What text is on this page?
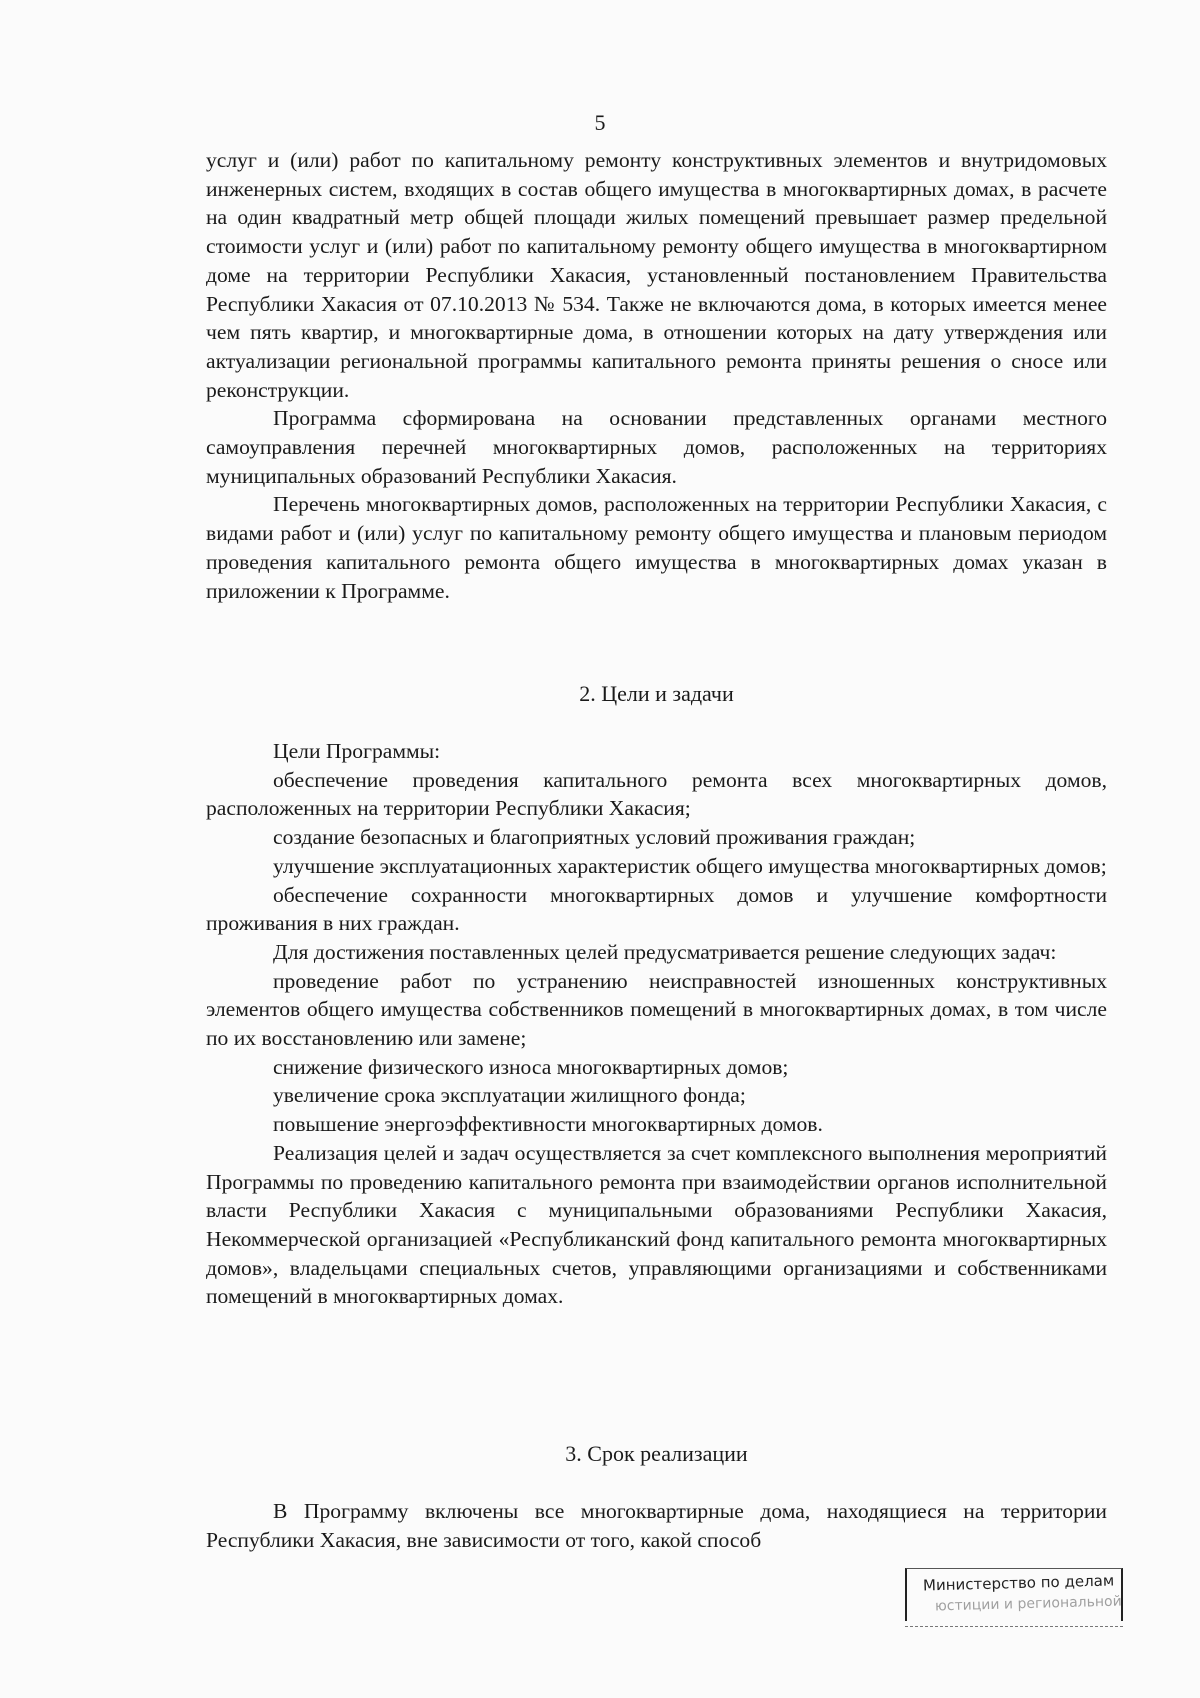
5

услуг и (или) работ по капитальному ремонту конструктивных элементов и внутридомовых инженерных систем, входящих в состав общего имущества в многоквартирных домах, в расчете на один квадратный метр общей площади жилых помещений превышает размер предельной стоимости услуг и (или) работ по капитальному ремонту общего имущества в многоквартирном доме на территории Республики Хакасия, установленный постановлением Правительства Республики Хакасия от 07.10.2013 № 534. Также не включаются дома, в которых имеется менее чем пять квартир, и многоквартирные дома, в отношении которых на дату утверждения или актуализации региональной программы капитального ремонта приняты решения о сносе или реконструкции.

Программа сформирована на основании представленных органами местного самоуправления перечней многоквартирных домов, расположенных на территориях муниципальных образований Республики Хакасия.

Перечень многоквартирных домов, расположенных на территории Республики Хакасия, с видами работ и (или) услуг по капитальному ремонту общего имущества и плановым периодом проведения капитального ремонта общего имущества в многоквартирных домах указан в приложении к Программе.

2. Цели и задачи

Цели Программы:

обеспечение проведения капитального ремонта всех многоквартирных домов, расположенных на территории Республики Хакасия;

создание безопасных и благоприятных условий проживания граждан;

улучшение эксплуатационных характеристик общего имущества многоквартирных домов;

обеспечение сохранности многоквартирных домов и улучшение комфортности проживания в них граждан.

Для достижения поставленных целей предусматривается решение следующих задач:

проведение работ по устранению неисправностей изношенных конструктивных элементов общего имущества собственников помещений в многоквартирных домах, в том числе по их восстановлению или замене;

снижение физического износа многоквартирных домов;

увеличение срока эксплуатации жилищного фонда;

повышение энергоэффективности многоквартирных домов.

Реализация целей и задач осуществляется за счет комплексного выполнения мероприятий Программы по проведению капитального ремонта при взаимодействии органов исполнительной власти Республики Хакасия с муниципальными образованиями Республики Хакасия, Некоммерческой организацией «Республиканский фонд капитального ремонта многоквартирных домов», владельцами специальных счетов, управляющими организациями и собственниками помещений в многоквартирных домах.

3. Срок реализации

В Программу включены все многоквартирные дома, находящиеся на территории Республики Хакасия, вне зависимости от того, какой способ

Министерство по делам
юстиции и региональной
